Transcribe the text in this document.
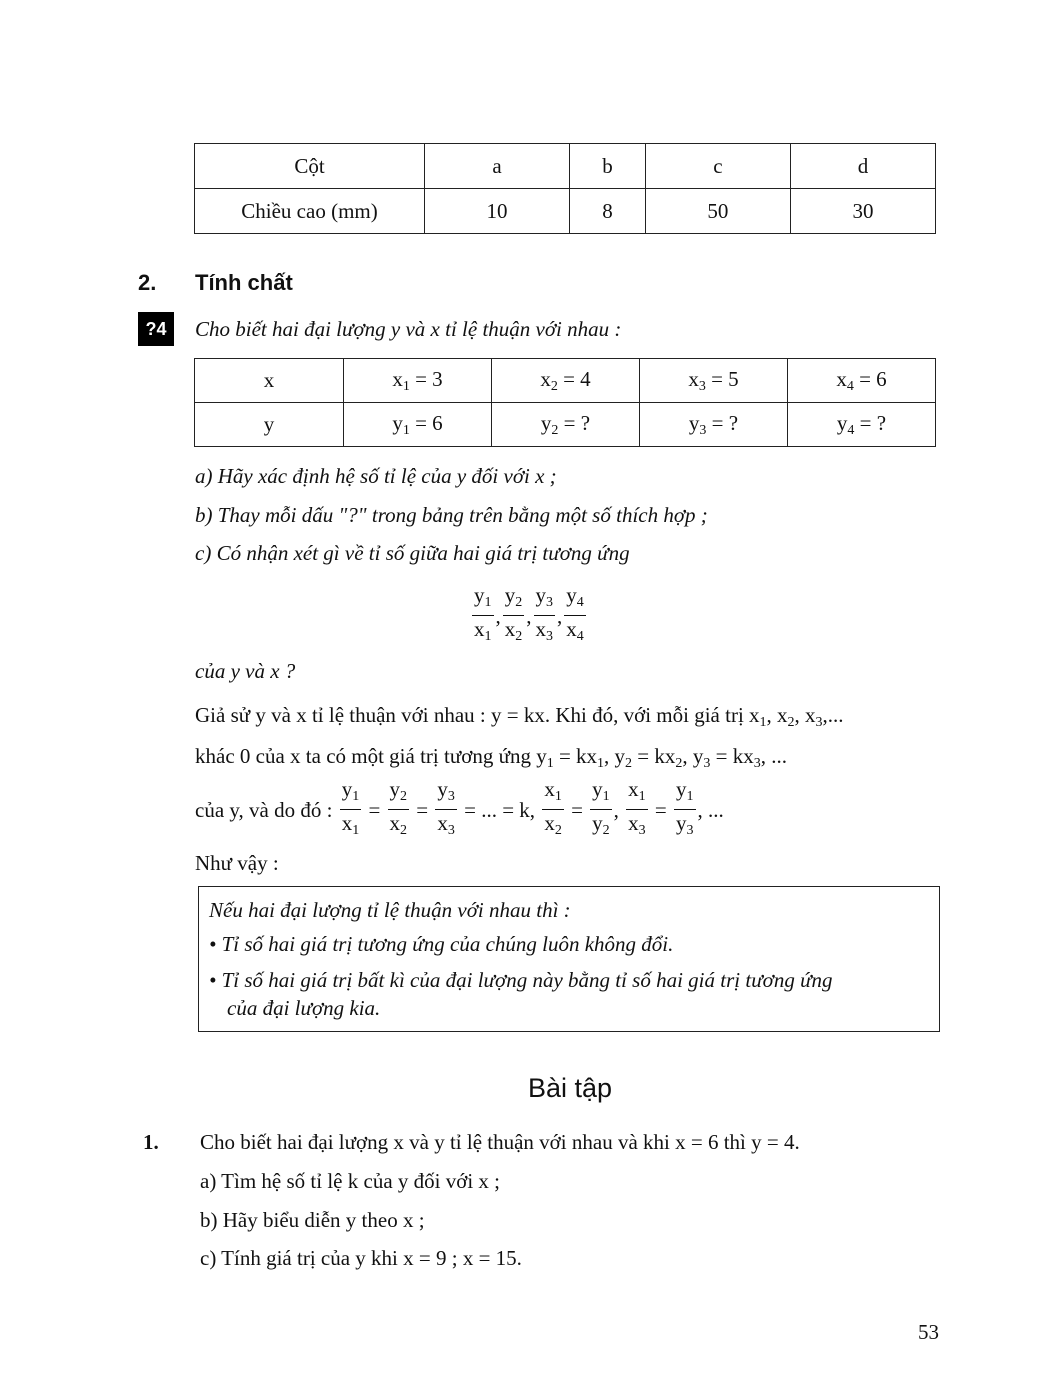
Cột	a	b	c	d
Chiều cao (mm)	10	8	50	30
2. Tính chất
?4	Cho biết hai đại lượng y và x tỉ lệ thuận với nhau :
x	$x_1 = 3$	$x_2 = 4$	$x_3 = 5$	$x_4 = 6$
y	$y_1 = 6$	$y_2$ = ?	$y_3$ = ?	$y_4$ = ?
a) Hãy xác định hệ số tỉ lệ của y đối với x ;
b) Thay mỗi dấu "?" trong bảng trên bằng một số thích hợp ;
c) Có nhận xét gì về tỉ số giữa hai giá trị tương ứng
$\frac{y_1}{x_1}$ , $\frac{y_2}{x_2}$ , $\frac{y_3}{x_3}$ , $\frac{y_4}{x_4}$
của y và x ?
Giả sử y và x tỉ lệ thuận với nhau : y = kx. Khi đó, với mỗi giá trị $x_1$, $x_2$, $x_3$,...
khác 0 của x ta có một giá trị tương ứng $y_1 = kx_1$, $y_2 = kx_2$, $y_3 = kx_3$, ...
của y, và do đó :
$\frac{y_1}{x_1} = \frac{y_2}{x_2} = \frac{y_3}{x_3}$
= ... = k,
$\frac{x_1}{x_2} = \frac{y_1}{y_2}$ , $\frac{x_1}{x_3} = \frac{y_1}{y_3}$ , ...
Như vậy :
Nếu hai đại lượng tỉ lệ thuận với nhau thì :
• Tỉ số hai giá trị tương ứng của chúng luôn không đổi.
• Tỉ số hai giá trị bất kì của đại lượng này bằng tỉ số hai giá trị tương ứng
của đại lượng kia.
Bài tập
1. Cho biết hai đại lượng x và y tỉ lệ thuận với nhau và khi x = 6 thì y = 4.
a) Tìm hệ số tỉ lệ k của y đối với x ;
b) Hãy biểu diễn y theo x ;
c) Tính giá trị của y khi x = 9 ; x = 15.
53
